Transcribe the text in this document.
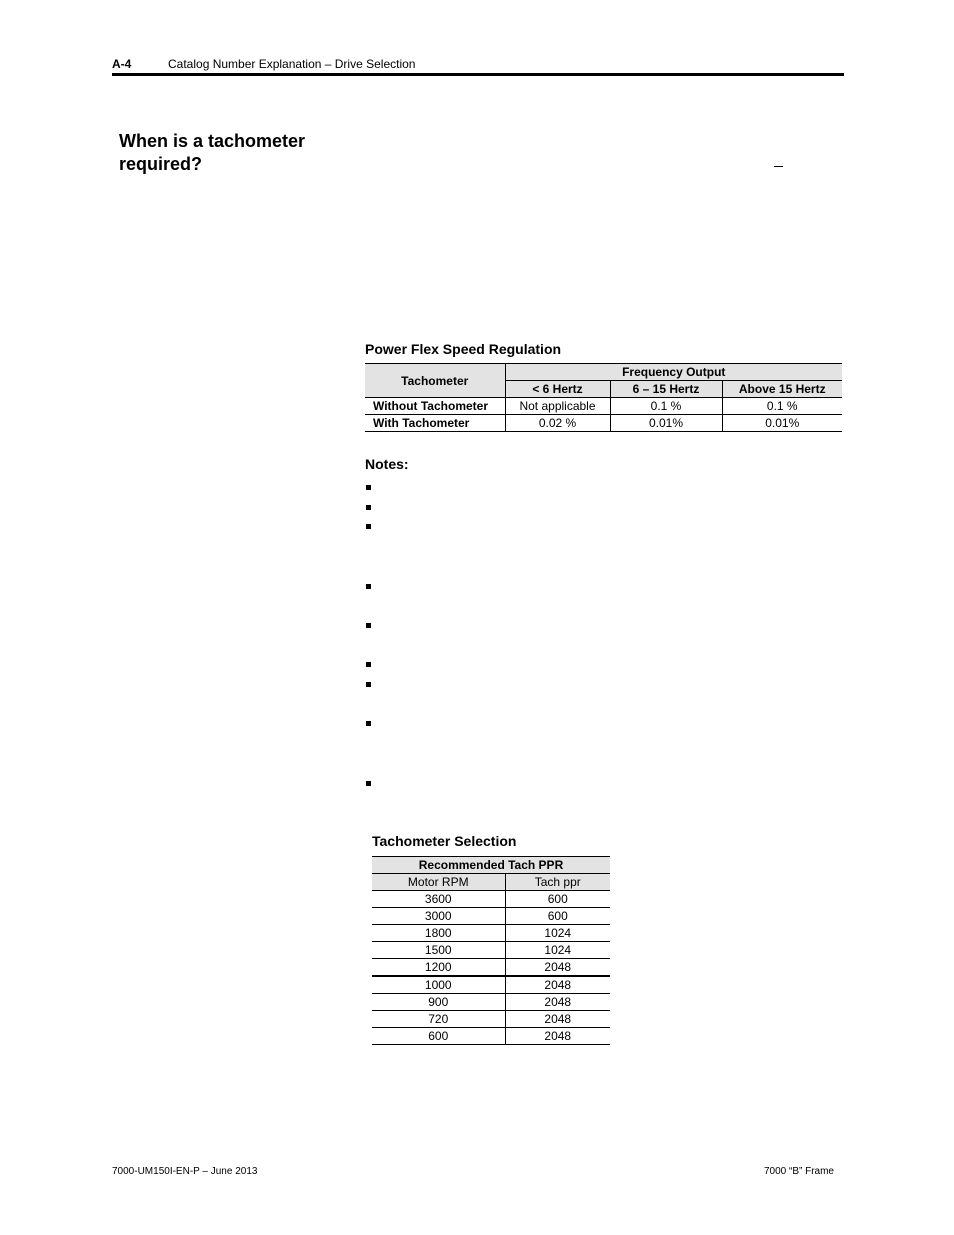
A-4	Catalog Number Explanation – Drive Selection
When is a tachometer required?
Power Flex Speed Regulation
Tachometer	Frequency Output		
	< 6 Hertz	6 – 15 Hertz	Above 15 Hertz
Without Tachometer	Not applicable	0.1 %	0.1 %
With Tachometer	0.02 %	0.01%	0.01%
Notes:
Tachometer Selection
Recommended Tach PPR	
Motor RPM	Tach ppr
3600	600
3000	600
1800	1024
1500	1024
1200	2048
1000	2048
900	2048
720	2048
600	2048
7000-UM150I-EN-P – June 2013	7000 “B” Frame
